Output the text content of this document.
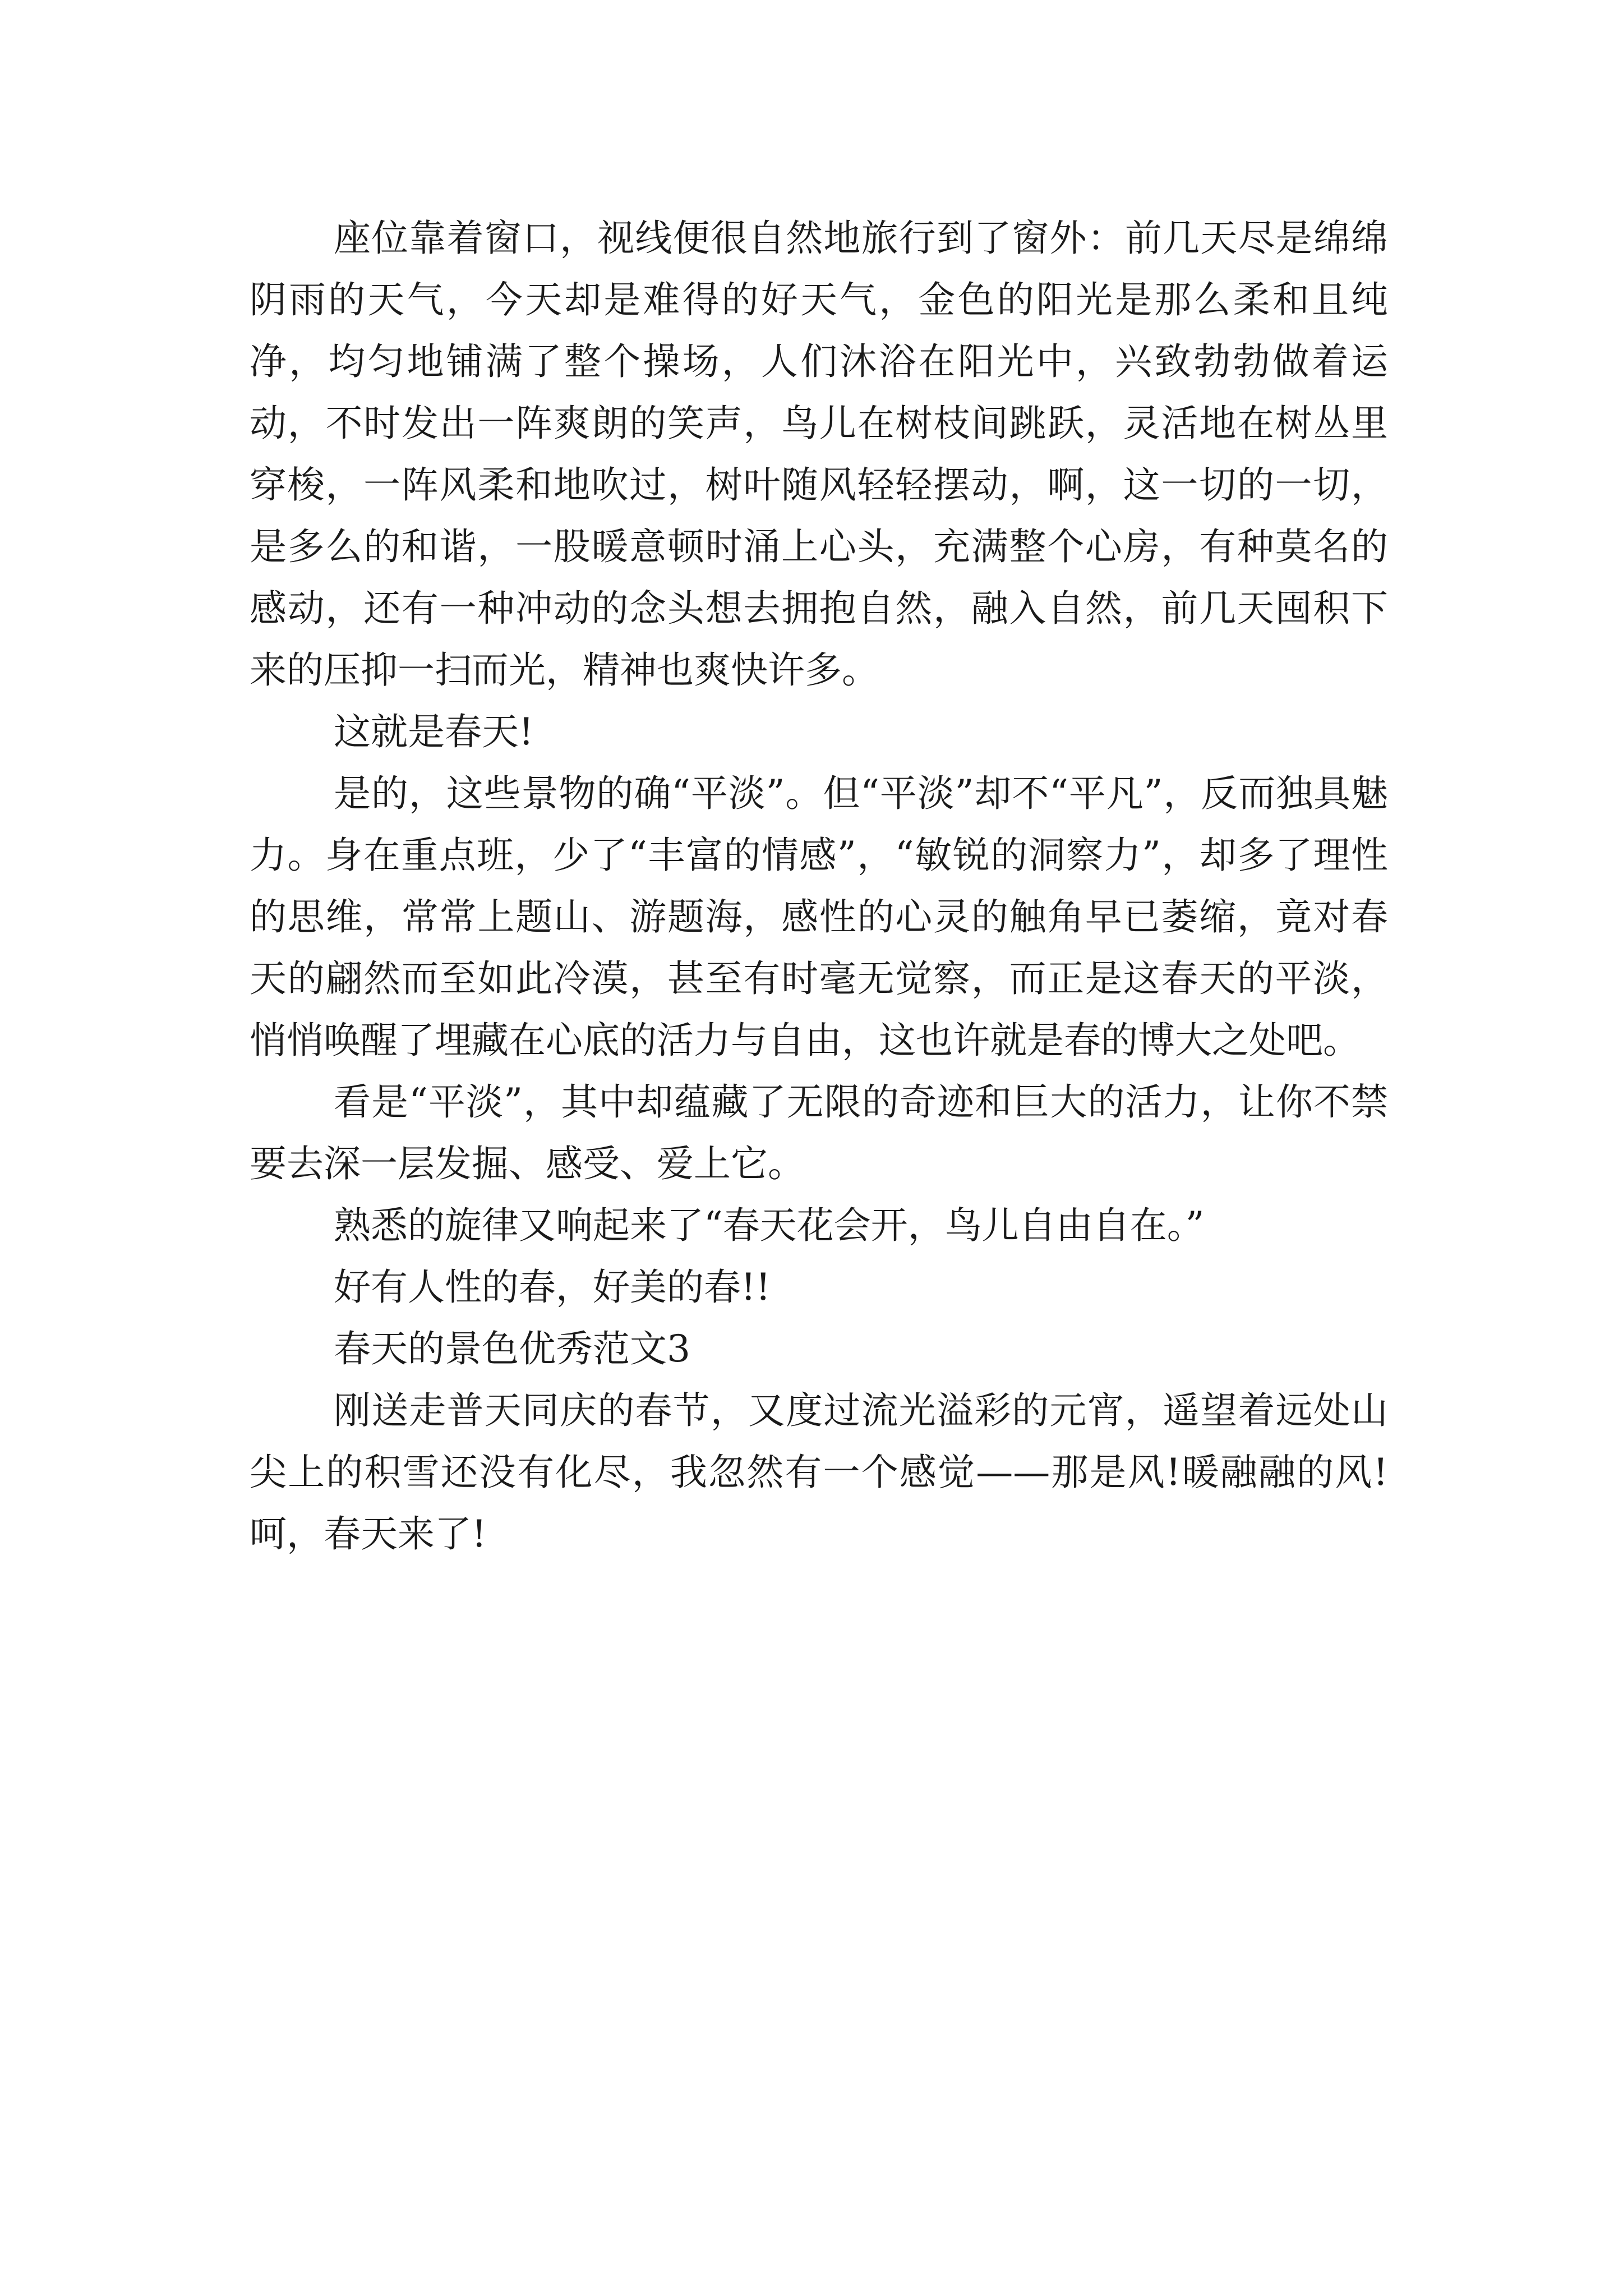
座位靠着窗口，视线便很自然地旅行到了窗外：前几天尽是绵绵阴雨的天气，今天却是难得的好天气，金色的阳光是那么柔和且纯净，均匀地铺满了整个操场，人们沐浴在阳光中，兴致勃勃做着运动，不时发出一阵爽朗的笑声，鸟儿在树枝间跳跃，灵活地在树丛里穿梭，一阵风柔和地吹过，树叶随风轻轻摆动，啊，这一切的一切，是多么的和谐，一股暖意顿时涌上心头，充满整个心房，有种莫名的感动，还有一种冲动的念头想去拥抱自然，融入自然，前几天囤积下来的压抑一扫而光，精神也爽快许多。

这就是春天!

是的，这些景物的确“平淡”。但“平淡”却不“平凡”，反而独具魅力。身在重点班，少了“丰富的情感”，“敏锐的洞察力”，却多了理性的思维，常常上题山、游题海，感性的心灵的触角早已萎缩，竟对春天的翩然而至如此冷漠，甚至有时毫无觉察，而正是这春天的平淡，悄悄唤醒了埋藏在心底的活力与自由，这也许就是春的博大之处吧。

看是“平淡”，其中却蕴藏了无限的奇迹和巨大的活力，让你不禁要去深一层发掘、感受、爱上它。

熟悉的旋律又响起来了“春天花会开，鸟儿自由自在。”

好有人性的春，好美的春!!

春天的景色优秀范文3

刚送走普天同庆的春节，又度过流光溢彩的元宵，遥望着远处山尖上的积雪还没有化尽，我忽然有一个感觉——那是风!暖融融的风!呵，春天来了!
